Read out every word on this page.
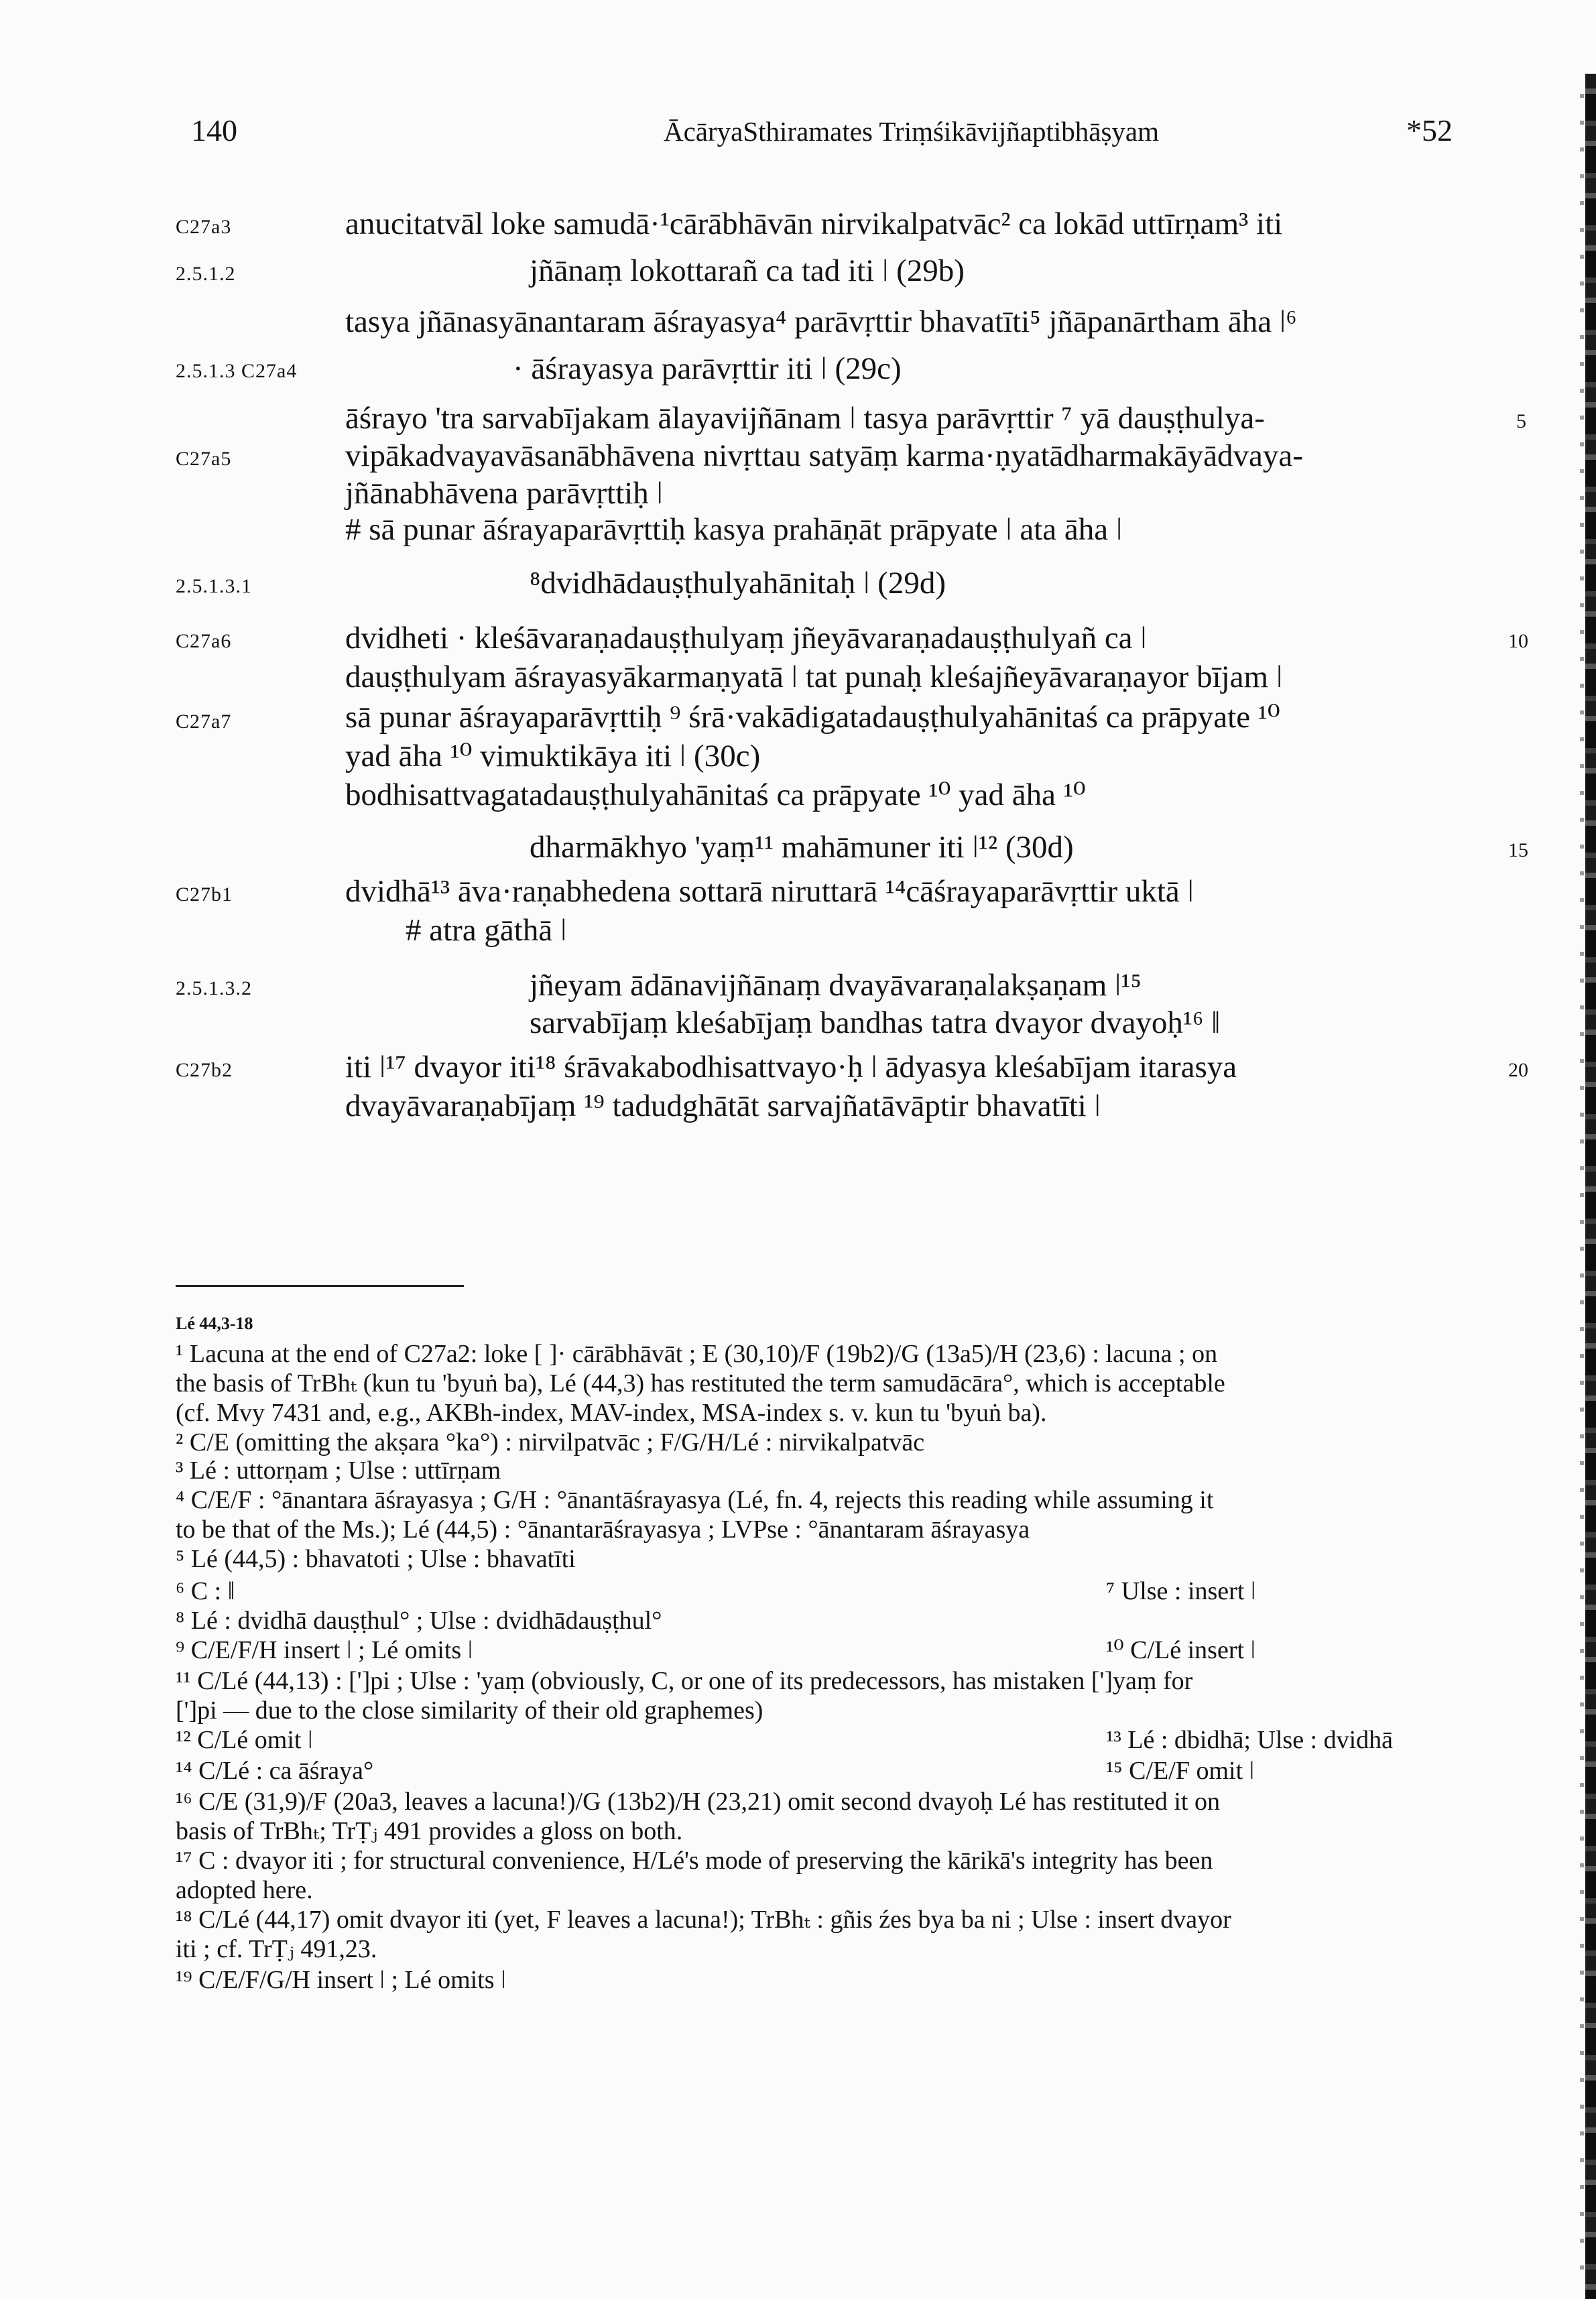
140	ĀcāryaSthiramates Triṃśikāvijñaptibhāṣyam	*52
C27a3	anucitatvāl loke samudā·¹cārābhāvān nirvikalpatvāc² ca lokād uttīrṇam³ iti
2.5.1.2	jñānaṃ lokottarañ ca tad iti ǀ (29b)
tasya jñānasyānantaram āśrayasya⁴ parāvṛttir bhavatīti⁵ jñāpanārtham āha ǀ⁶
2.5.1.3 C27a4	· āśrayasya parāvṛttir iti ǀ (29c)
āśrayo 'tra sarvabījakam ālayavijñānam ǀ tasya parāvṛttir ⁷ yā dauṣṭhulya-	5
C27a5	vipākadvayavāsanābhāvena nivṛttau satyāṃ karma·ṇyatādharmakāyādvaya-
jñānabhāvena parāvṛttiḥ ǀ
# sā punar āśrayaparāvṛttiḥ kasya prahāṇāt prāpyate ǀ ata āha ǀ
2.5.1.3.1	⁸dvidhādauṣṭhulyahānitaḥ ǀ (29d)
C27a6	dvidheti · kleśāvaraṇadauṣṭhulyaṃ jñeyāvaraṇadauṣṭhulyañ ca ǀ	10
dauṣṭhulyam āśrayasyākarmaṇyatā ǀ tat punaḥ kleśajñeyāvaraṇayor bījam ǀ
C27a7	sā punar āśrayaparāvṛttiḥ ⁹ śrā·vakādigatadauṣṭhulyahānitaś ca prāpyate ¹⁰
yad āha ¹⁰ vimuktikāya iti ǀ (30c)
bodhisattvagatadauṣṭhulyahānitaś ca prāpyate ¹⁰ yad āha ¹⁰
dharmākhyo 'yaṃ¹¹ mahāmuner iti ǀ¹² (30d)	15
C27b1	dvidhā¹³ āva·raṇabhedena sottarā niruttarā ¹⁴cāśrayaparāvṛttir uktā ǀ
# atra gāthā ǀ
2.5.1.3.2	jñeyam ādānavijñānaṃ dvayāvaraṇalakṣaṇam ǀ¹⁵
sarvabījaṃ kleśabījaṃ bandhas tatra dvayor dvayoḥ¹⁶ ǁ
C27b2	iti ǀ¹⁷ dvayor iti¹⁸ śrāvakabodhisattvayo·ḥ ǀ ādyasya kleśabījam itarasya	20
dvayāvaraṇabījaṃ ¹⁹ tadudghātāt sarvajñatāvāptir bhavatīti ǀ
Lé 44,3-18
¹ Lacuna at the end of C27a2: loke [ ]· cārābhāvāt ; E (30,10)/F (19b2)/G (13a5)/H (23,6) : lacuna ; on
the basis of TrBhₜ (kun tu 'byuṅ ba), Lé (44,3) has restituted the term samudācāra°, which is acceptable
(cf. Mvy 7431 and, e.g., AKBh-index, MAV-index, MSA-index s. v. kun tu 'byuṅ ba).
² C/E (omitting the akṣara °ka°) : nirvilpatvāc ; F/G/H/Lé : nirvikalpatvāc
³ Lé : uttorṇam ; Ulse : uttīrṇam
⁴ C/E/F : °ānantara āśrayasya ; G/H : °ānantāśrayasya (Lé, fn. 4, rejects this reading while assuming it
to be that of the Ms.); Lé (44,5) : °ānantarāśrayasya ; LVPse : °ānantaram āśrayasya
⁵ Lé (44,5) : bhavatoti ; Ulse : bhavatīti
⁶ C : ǁ	⁷ Ulse : insert ǀ
⁸ Lé : dvidhā dauṣṭhul° ; Ulse : dvidhādauṣṭhul°
⁹ C/E/F/H insert ǀ ; Lé omits ǀ	¹⁰ C/Lé insert ǀ
¹¹ C/Lé (44,13) : [']pi ; Ulse : 'yaṃ (obviously, C, or one of its predecessors, has mistaken [']yaṃ for
[']pi — due to the close similarity of their old graphemes)
¹² C/Lé omit ǀ	¹³ Lé : dbidhā; Ulse : dvidhā
¹⁴ C/Lé : ca āśraya°	¹⁵ C/E/F omit ǀ
¹⁶ C/E (31,9)/F (20a3, leaves a lacuna!)/G (13b2)/H (23,21) omit second dvayoḥ Lé has restituted it on
basis of TrBhₜ; TrṬⱼ 491 provides a gloss on both.
¹⁷ C : dvayor iti ; for structural convenience, H/Lé's mode of preserving the kārikā's integrity has been
adopted here.
¹⁸ C/Lé (44,17) omit dvayor iti (yet, F leaves a lacuna!); TrBhₜ : gñis źes bya ba ni ; Ulse : insert dvayor
iti ; cf. TrṬⱼ 491,23.
¹⁹ C/E/F/G/H insert ǀ ; Lé omits ǀ
